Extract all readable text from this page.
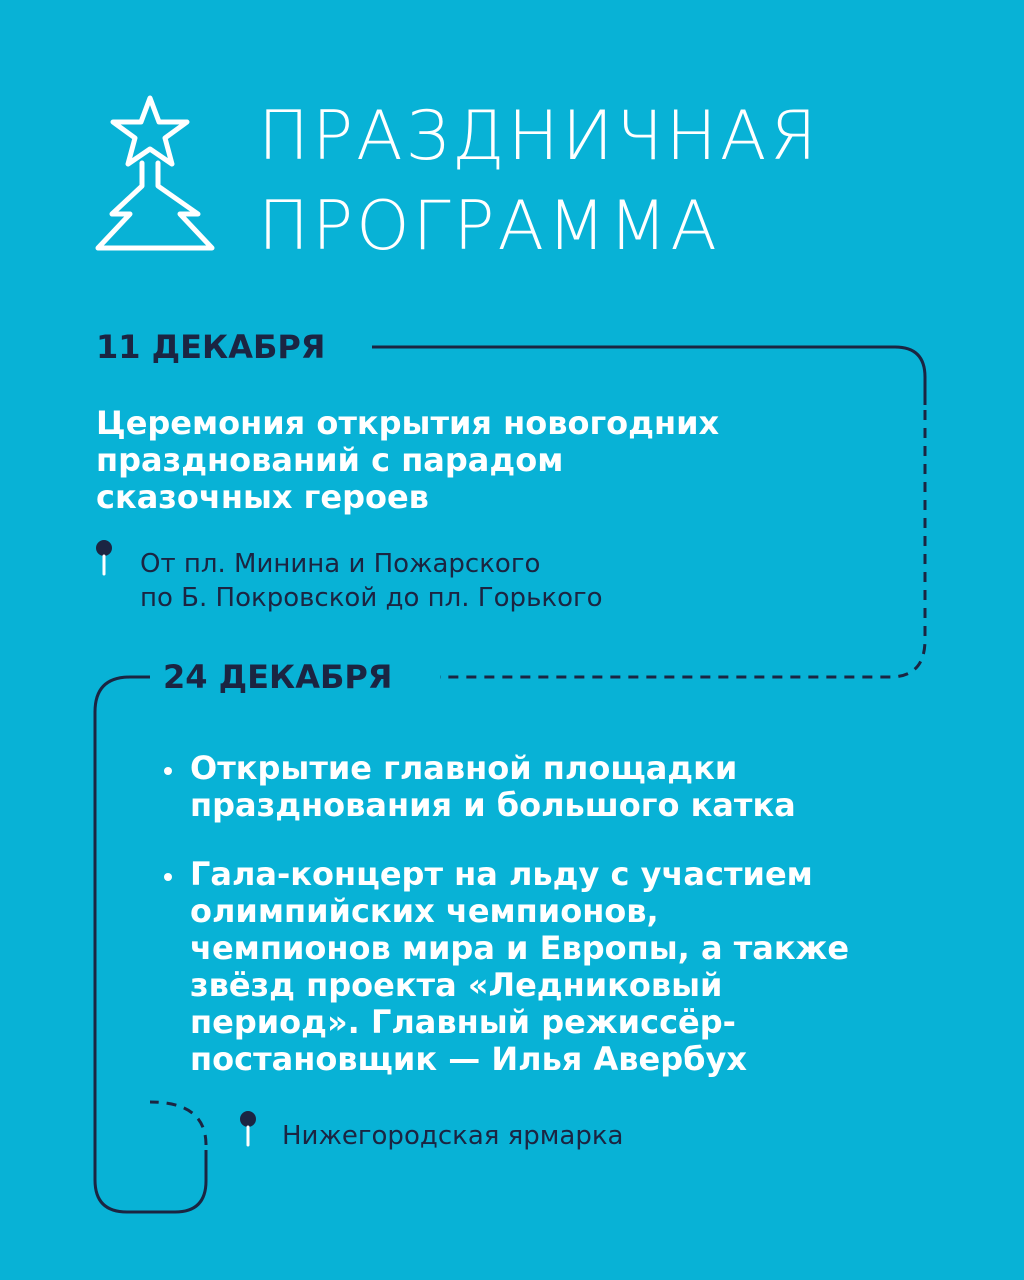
ПРАЗДНИЧНАЯ
ПРОГРАММА
11 ДЕКАБРЯ
Церемония открытия новогодних
празднований с парадом
сказочных героев
От пл. Минина и Пожарского
по Б. Покровской до пл. Горького
24 ДЕКАБРЯ
Открытие главной площадки
празднования и большого катка
Гала-концерт на льду с участием
олимпийских чемпионов,
чемпионов мира и Европы, а также
звёзд проекта «Ледниковый
период». Главный режиссёр-
постановщик — Илья Авербух
Нижегородская ярмарка
